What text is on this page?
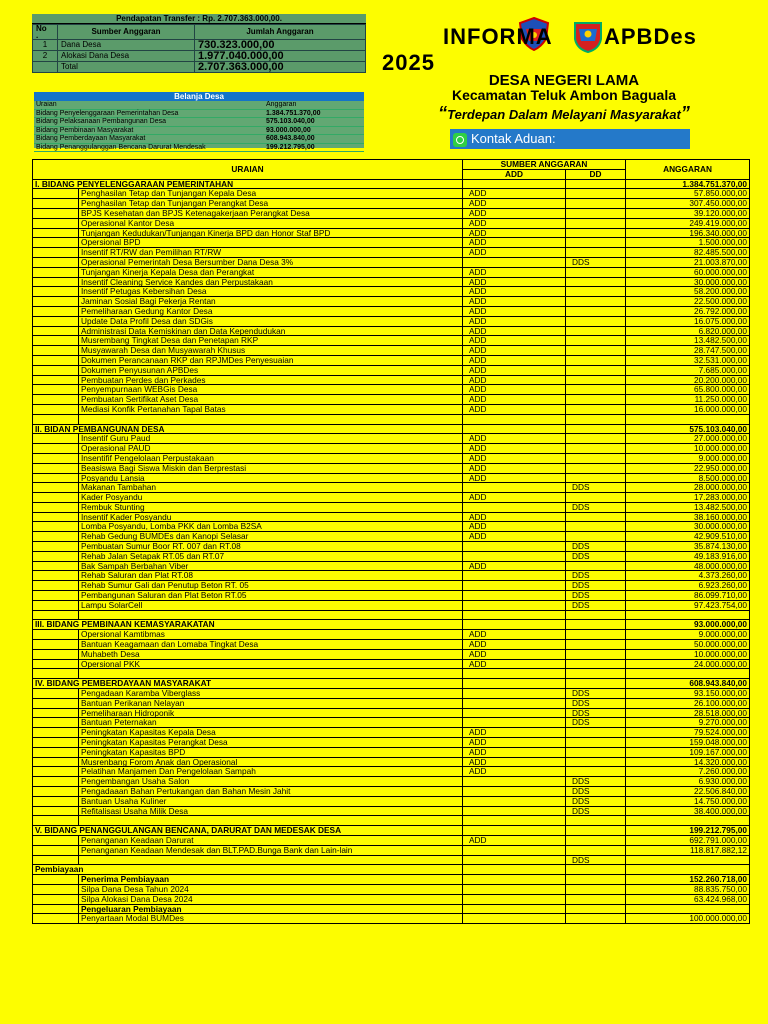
Pendapatan Transfer : Rp. 2.707.363.000,00.
No
.	Sumber Anggaran	Jumlah Anggaran
1	Dana Desa	730.323.000,00
2	Alokasi Dana Desa	1.977.040.000,00
	Total	2.707.363.000,00
Belanja Desa
Uraian	Anggaran
Bidang Penyelenggaraan Pemerintahan Desa	1.384.751.370,00
Bidang Pelaksanaan Pembangunan Desa	575.103.040,00
Bidang Pembinaan Masyarakat	93.000.000,00
Bidang Pemberdayaan Masyarakat	608.943.840,00
Bidang Penanggulanggan Bencana Darurat Mendesak	199.212.795,00
INFORMA APBDes
2025
DESA NEGERI LAMA
Kecamatan Teluk Ambon Baguala
“Terdepan Dalam Melayani Masyarakat”
Kontak Aduan:
URAIAN		SUMBER ANGGARAN		ANGGARAN
		ADD	DD	
I. BIDANG PENYELENGGARAAN PEMERINTAHAN				1.384.751.370,00
	Penghasilan Tetap dan Tunjangan Kepala Desa	ADD		57.850.000,00
	Penghasilan Tetap dan Tunjangan Perangkat Desa	ADD		307.450.000,00
	BPJS Kesehatan dan BPJS Ketenagakerjaan Perangkat Desa	ADD		39.120.000,00
	Operasional Kantor Desa	ADD		249.419.000,00
	Tunjangan Kedudukan/Tunjangan Kinerja BPD dan Honor Staf BPD	ADD		196.340.000,00
	Opersional BPD	ADD		1.500.000,00
	Insentif RT/RW dan Pemilihan RT/RW	ADD		82.485.500,00
	Operasional Pemerintah Desa Bersumber Dana Desa 3%		DDS	21.003.870,00
	Tunjangan Kinerja Kepala Desa dan Perangkat	ADD		60.000.000,00
	Insentif Cleaning Service Kandes dan Perpustakaan	ADD		30.000.000,00
	Insentif Petugas Kebersihan Desa	ADD		58.200.000,00
	Jaminan Sosial Bagi Pekerja Rentan	ADD		22.500.000,00
	Pemeliharaan Gedung Kantor Desa	ADD		26.792.000,00
	Update Data Profil Desa dan SDGis	ADD		16.075.000,00
	Administrasi Data Kemiskinan dan Data Kependudukan	ADD		6.820.000,00
	Musrembang Tingkat Desa dan Penetapan RKP	ADD		13.482.500,00
	Musyawarah Desa dan Musyawarah Khusus	ADD		28.747.500,00
	Dokumen Perancanaan RKP dan RPJMDes Penyesuaian	ADD		32.531.000,00
	Dokumen Penyusunan APBDes	ADD		7.685.000,00
	Pembuatan Perdes dan Perkades	ADD		20.200.000,00
	Penyempurnaan WEBGis Desa	ADD		65.800.000,00
	Pembuatan Sertifikat Aset Desa	ADD		11.250.000,00
	Mediasi Konfik Pertanahan Tapal Batas	ADD		16.000.000,00

II. BIDAN PEMBANGUNAN DESA				575.103.040,00
	Insentif Guru Paud	ADD		27.000.000,00
	Operasional PAUD	ADD		10.000.000,00
	Insentifif Pengelolaan Perpustakaan	ADD		9.000.000,00
	Beasiswa Bagi Siswa Miskin dan Berprestasi	ADD		22.950.000,00
	Posyandu Lansia	ADD		8.500.000,00
	Makanan Tambahan		DDS	28.000.000,00
	Kader Posyandu	ADD		17.283.000,00
	Rembuk Stunting		DDS	13.482.500,00
	Insentif Kader Posyandu	ADD		38.160.000,00
	Lomba Posyandu, Lomba PKK dan Lomba B2SA	ADD		30.000.000,00
	Rehab Gedung BUMDEs dan Kanopi Selasar	ADD		42.909.510,00
	Pembuatan Sumur Boor RT. 007 dan RT.08		DDS	35.874.130,00
	Rehab Jalan Setapak RT.05 dan RT.07		DDS	49.183.916,00
	Bak Sampah Berbahan Viber	ADD		48.000.000,00
	Rehab Saluran dan Plat RT.08		DDS	4.373.260,00
	Rehab Sumur Gali dan Penutup Beton RT. 05		DDS	6.923.260,00
	Pembangunan Saluran dan Plat Beton RT.05		DDS	86.099.710,00
	Lampu SolarCell		DDS	97.423.754,00

III. BIDANG PEMBINAAN KEMASYARAKATAN				93.000.000,00
	Opersional Kamtibmas	ADD		9.000.000,00
	Bantuan Keagamaan dan Lomaba Tingkat Desa	ADD		50.000.000,00
	Muhabeth Desa	ADD		10.000.000,00
	Opersional PKK	ADD		24.000.000,00

IV. BIDANG PEMBERDAYAAN MASYARAKAT				608.943.840,00
	Pengadaan Karamba Viberglass		DDS	93.150.000,00
	Bantuan Perikanan Nelayan		DDS	26.100.000,00
	Pemeliharaan Hidroponik		DDS	28.518.000,00
	Bantuan Peternakan		DDS	9.270.000,00
	Peningkatan Kapasitas Kepala Desa	ADD		79.524.000,00
	Peningkatan Kapasitas Perangkat Desa	ADD		159.048.000,00
	Peningkatan Kapasitas BPD	ADD		109.167.000,00
	Musrenbang Forom Anak dan Operasional	ADD		14.320.000,00
	Pelatihan Manjamen Dan Pengelolaan Sampah	ADD		7.260.000,00
	Pengembangan Usaha Salon		DDS	6.930.000,00
	Pengadaaan Bahan Pertukangan dan Bahan Mesin Jahit		DDS	22.506.840,00
	Bantuan Usaha Kuliner		DDS	14.750.000,00
	Refitalisasi Usaha Milik Desa		DDS	38.400.000,00

V. BIDANG PENANGGULANGAN BENCANA, DARURAT DAN MEDESAK DESA				199.212.795,00
	Penanganan Keadaan Darurat	ADD		692.791.000,00
	Penanganan Keadaan Mendesak dan BLT.PAD.Bunga Bank dan Lain-lain			118.817.882,12
			DDS	
Pembiayaan				
	Penerima Pembiayaan			152.260.718,00
	Silpa Dana Desa Tahun 2024			88.835.750,00
	Silpa Alokasi Dana Desa 2024			63.424.968,00
	Pengeluaran Pembiayaan			
	Penyartaan Modal BUMDes			100.000.000,00
